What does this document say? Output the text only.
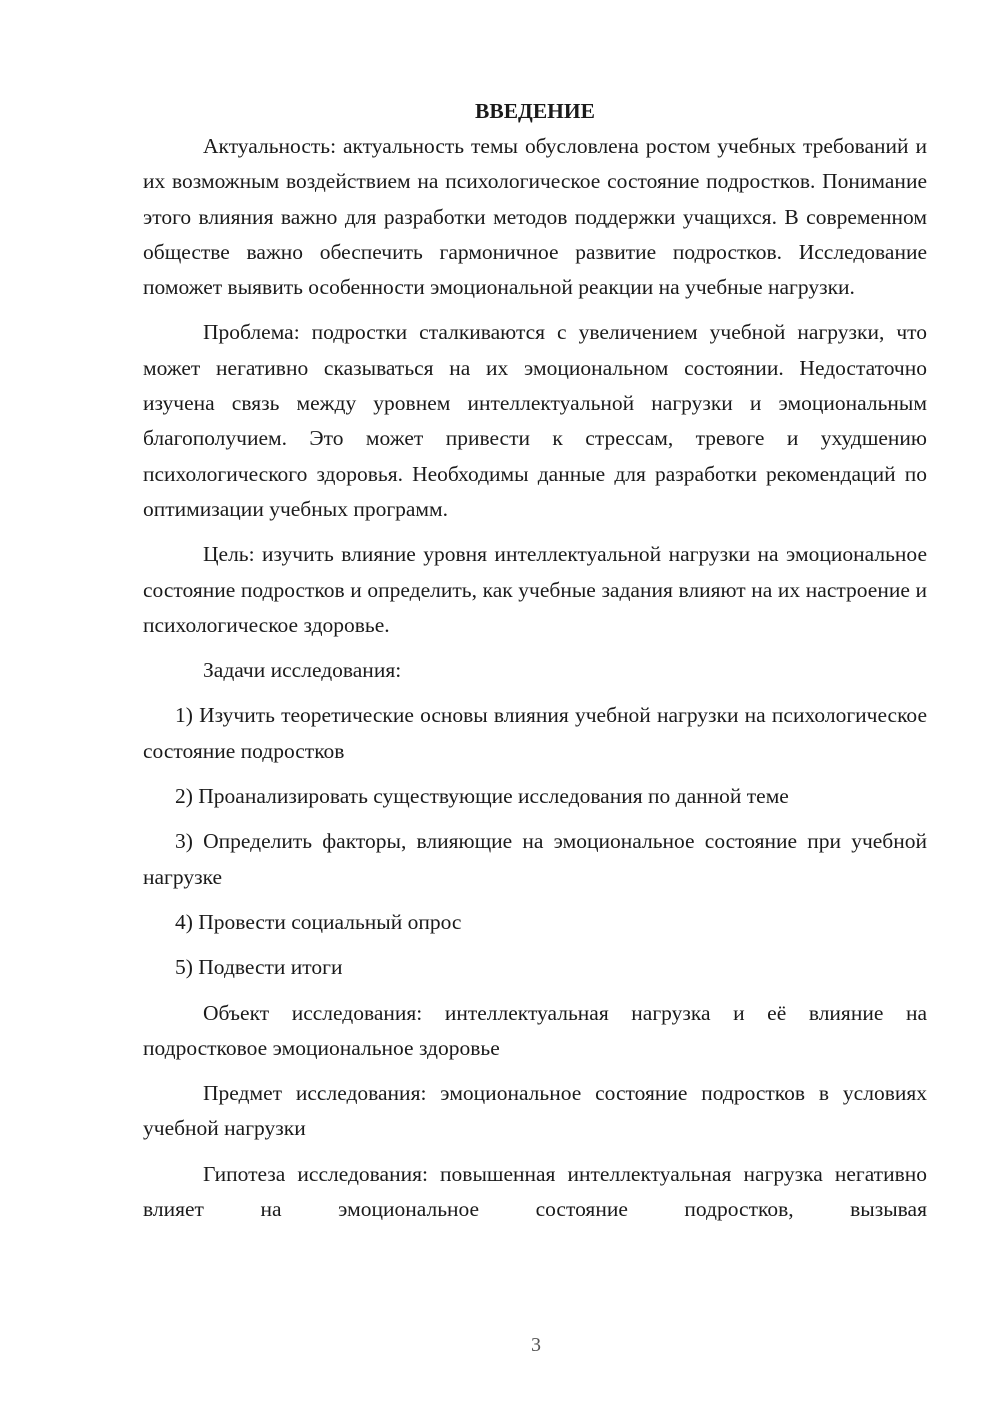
ВВЕДЕНИЕ

Актуальность: актуальность темы обусловлена ростом учебных требований и их возможным воздействием на психологическое состояние подростков. Понимание этого влияния важно для разработки методов поддержки учащихся. В современном обществе важно обеспечить гармоничное развитие подростков. Исследование поможет выявить особенности эмоциональной реакции на учебные нагрузки.

Проблема: подростки сталкиваются с увеличением учебной нагрузки, что может негативно сказываться на их эмоциональном состоянии. Недостаточно изучена связь между уровнем интеллектуальной нагрузки и эмоциональным благополучием. Это может привести к стрессам, тревоге и ухудшению психологического здоровья. Необходимы данные для разработки рекомендаций по оптимизации учебных программ.

Цель: изучить влияние уровня интеллектуальной нагрузки на эмоциональное состояние подростков и определить, как учебные задания влияют на их настроение и психологическое здоровье.

Задачи исследования:

1) Изучить теоретические основы влияния учебной нагрузки на психологическое состояние подростков

2) Проанализировать существующие исследования по данной теме

3) Определить факторы, влияющие на эмоциональное состояние при учебной нагрузке

4) Провести социальный опрос

5) Подвести итоги

Объект исследования: интеллектуальная нагрузка и её влияние на подростковое эмоциональное здоровье

Предмет исследования: эмоциональное состояние подростков в условиях учебной нагрузки

Гипотеза исследования: повышенная интеллектуальная нагрузка негативно влияет на эмоциональное состояние подростков, вызывая

3
